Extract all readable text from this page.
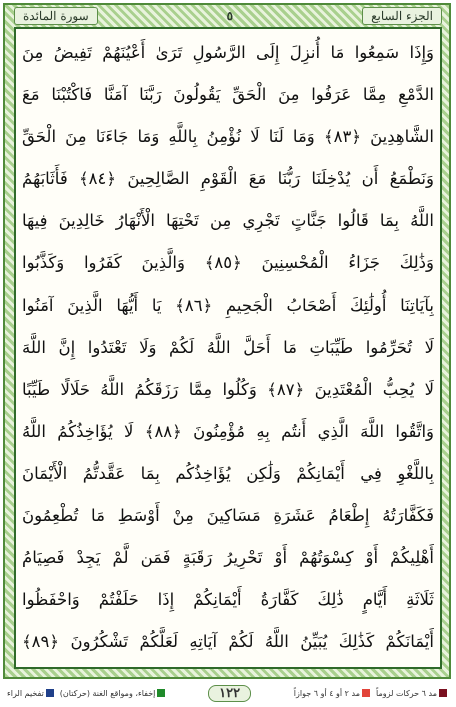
الجزء السابع
٥
سورة المائدة
وَإِذَا سَمِعُوا مَا أُنزِلَ إِلَى الرَّسُولِ تَرَىٰ أَعْيُنَهُمْ تَفِيضُ مِنَ
الدَّمْعِ مِمَّا عَرَفُوا مِنَ الْحَقِّ يَقُولُونَ رَبَّنَا آمَنَّا فَاكْتُبْنَا مَعَ
الشَّاهِدِينَ ﴿٨٣﴾ وَمَا لَنَا لَا نُؤْمِنُ بِاللَّهِ وَمَا جَاءَنَا مِنَ الْحَقِّ
وَنَطْمَعُ أَن يُدْخِلَنَا رَبُّنَا مَعَ الْقَوْمِ الصَّالِحِينَ ﴿٨٤﴾ فَأَثَابَهُمُ
اللَّهُ بِمَا قَالُوا جَنَّاتٍ تَجْرِي مِن تَحْتِهَا الْأَنْهَارُ خَالِدِينَ فِيهَا
وَذَٰلِكَ جَزَاءُ الْمُحْسِنِينَ ﴿٨٥﴾ وَالَّذِينَ كَفَرُوا وَكَذَّبُوا
بِآيَاتِنَا أُولَٰئِكَ أَصْحَابُ الْجَحِيمِ ﴿٨٦﴾ يَا أَيُّهَا الَّذِينَ آمَنُوا
لَا تُحَرِّمُوا طَيِّبَاتِ مَا أَحَلَّ اللَّهُ لَكُمْ وَلَا تَعْتَدُوا إِنَّ اللَّهَ
لَا يُحِبُّ الْمُعْتَدِينَ ﴿٨٧﴾ وَكُلُوا مِمَّا رَزَقَكُمُ اللَّهُ حَلَالًا طَيِّبًا
وَاتَّقُوا اللَّهَ الَّذِي أَنتُم بِهِ مُؤْمِنُونَ ﴿٨٨﴾ لَا يُؤَاخِذُكُمُ اللَّهُ
بِاللَّغْوِ فِي أَيْمَانِكُمْ وَلَٰكِن يُؤَاخِذُكُم بِمَا عَقَّدتُّمُ الْأَيْمَانَ
فَكَفَّارَتُهُ إِطْعَامُ عَشَرَةِ مَسَاكِينَ مِنْ أَوْسَطِ مَا تُطْعِمُونَ
أَهْلِيكُمْ أَوْ كِسْوَتُهُمْ أَوْ تَحْرِيرُ رَقَبَةٍ فَمَن لَّمْ يَجِدْ فَصِيَامُ
ثَلَاثَةِ أَيَّامٍ ذَٰلِكَ كَفَّارَةُ أَيْمَانِكُمْ إِذَا حَلَفْتُمْ وَاحْفَظُوا
أَيْمَانَكُمْ كَذَٰلِكَ يُبَيِّنُ اللَّهُ لَكُمْ آيَاتِهِ لَعَلَّكُمْ تَشْكُرُونَ ﴿٨٩﴾
مد ٦ حركات لزوماً
مد ٢ أو ٤ أو ٦ جوازاً
١٢٢
إخفاء، ومواقع الغنة (حركتان)
تفخيم الراء
